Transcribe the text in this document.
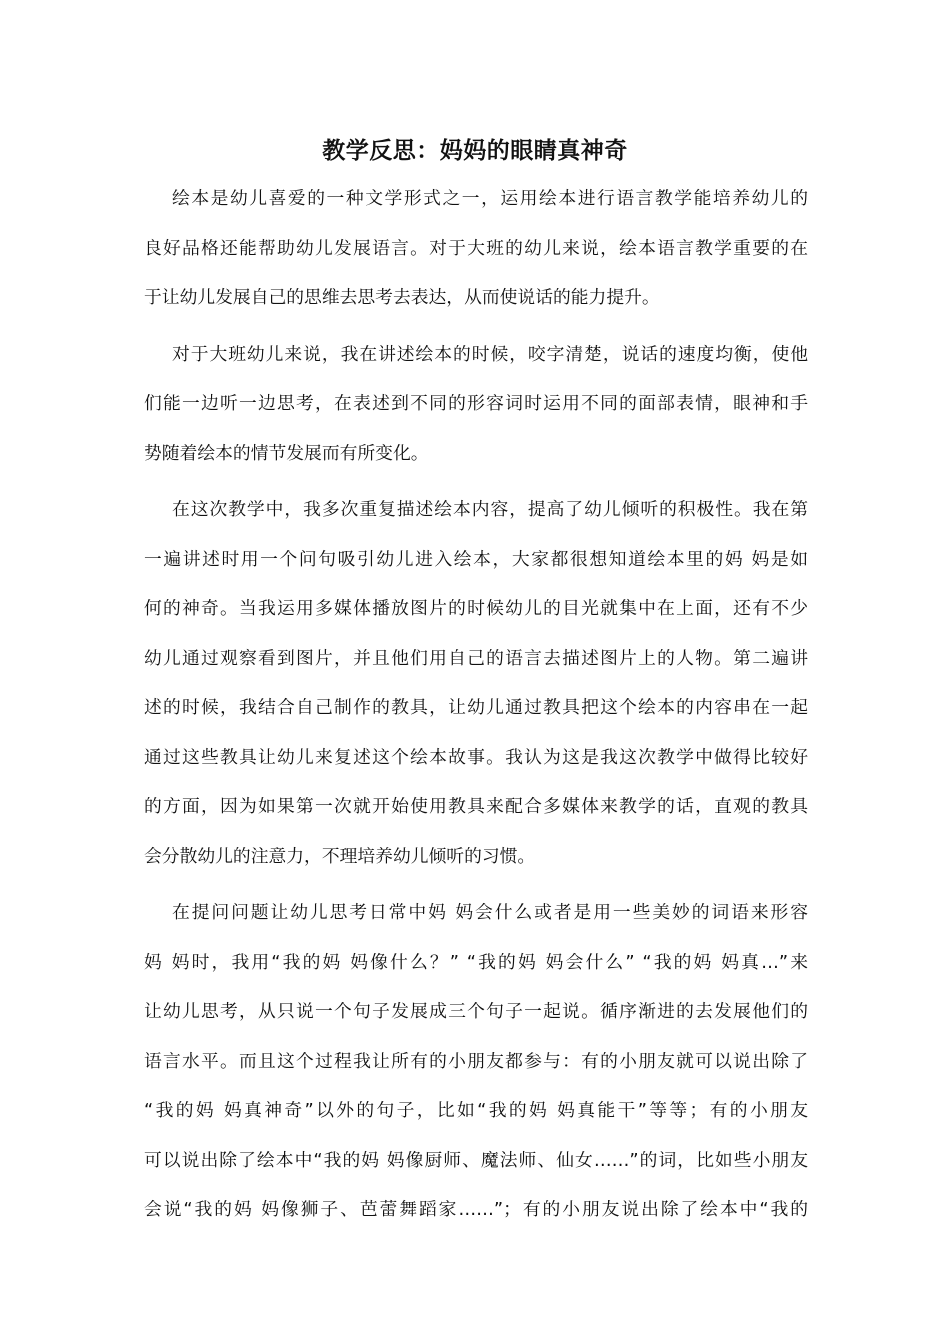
教学反思：妈妈的眼睛真神奇
绘本是幼儿喜爱的一种文学形式之一，运用绘本进行语言教学能培养幼儿的
良好品格还能帮助幼儿发展语言。对于大班的幼儿来说，绘本语言教学重要的在
于让幼儿发展自己的思维去思考去表达，从而使说话的能力提升。
对于大班幼儿来说，我在讲述绘本的时候，咬字清楚，说话的速度均衡，使他
们能一边听一边思考，在表述到不同的形容词时运用不同的面部表情，眼神和手
势随着绘本的情节发展而有所变化。
在这次教学中，我多次重复描述绘本内容，提高了幼儿倾听的积极性。我在第
一遍讲述时用一个问句吸引幼儿进入绘本，大家都很想知道绘本里的妈 妈是如
何的神奇。当我运用多媒体播放图片的时候幼儿的目光就集中在上面，还有不少
幼儿通过观察看到图片，并且他们用自己的语言去描述图片上的人物。第二遍讲
述的时候，我结合自己制作的教具，让幼儿通过教具把这个绘本的内容串在一起
通过这些教具让幼儿来复述这个绘本故事。我认为这是我这次教学中做得比较好
的方面，因为如果第一次就开始使用教具来配合多媒体来教学的话，直观的教具
会分散幼儿的注意力，不理培养幼儿倾听的习惯。
在提问问题让幼儿思考日常中妈 妈会什么或者是用一些美妙的词语来形容
妈 妈时，我用“我的妈 妈像什么？” “我的妈 妈会什么” “我的妈 妈真…”来
让幼儿思考，从只说一个句子发展成三个句子一起说。循序渐进的去发展他们的
语言水平。而且这个过程我让所有的小朋友都参与：有的小朋友就可以说出除了
“我的妈 妈真神奇”以外的句子，比如“我的妈 妈真能干”等等；有的小朋友
可以说出除了绘本中“我的妈 妈像厨师、魔法师、仙女……”的词，比如些小朋友
会说“我的妈 妈像狮子、芭蕾舞蹈家……”；有的小朋友说出除了绘本中“我的
